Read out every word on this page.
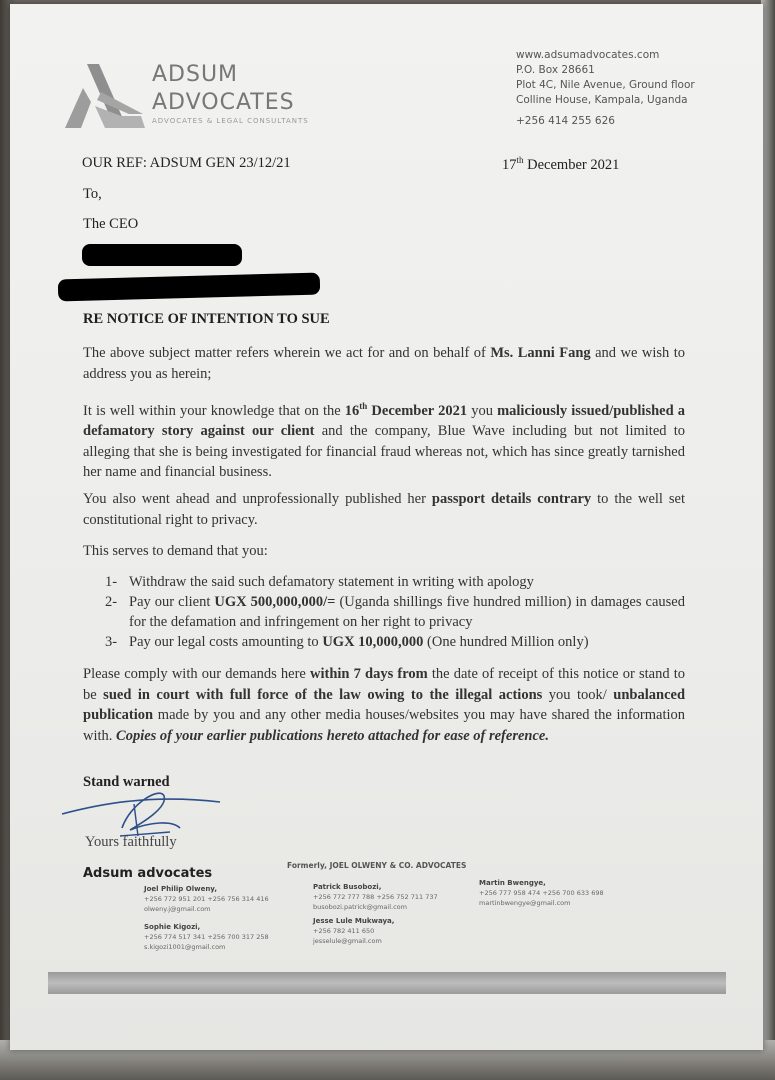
ADSUM
ADVOCATES
ADVOCATES & LEGAL CONSULTANTS
www.adsumadvocates.com
P.O. Box 28661
Plot 4C, Nile Avenue, Ground floor
Colline House, Kampala, Uganda
+256 414 255 626
OUR REF: ADSUM GEN 23/12/21	17th December 2021
To,
The CEO
RE NOTICE OF INTENTION TO SUE
The above subject matter refers wherein we act for and on behalf of Ms. Lanni Fang and we wish to address you as herein;
It is well within your knowledge that on the 16th December 2021 you maliciously issued/published a defamatory story against our client and the company, Blue Wave including but not limited to alleging that she is being investigated for financial fraud whereas not, which has since greatly tarnished her name and financial business.
You also went ahead and unprofessionally published her passport details contrary to the well set constitutional right to privacy.
This serves to demand that you:
1- Withdraw the said such defamatory statement in writing with apology
2- Pay our client UGX 500,000,000/= (Uganda shillings five hundred million) in damages caused for the defamation and infringement on her right to privacy
3- Pay our legal costs amounting to UGX 10,000,000 (One hundred Million only)
Please comply with our demands here within 7 days from the date of receipt of this notice or stand to be sued in court with full force of the law owing to the illegal actions you took/ unbalanced publication made by you and any other media houses/websites you may have shared the information with. Copies of your earlier publications hereto attached for ease of reference.
Stand warned
Yours faithfully
Adsum advocates
Formerly, JOEL OLWENY & CO. ADVOCATES
Joel Philip Olweny,
+256 772 951 201 +256 756 314 416
olweny.j@gmail.com
Sophie Kigozi,
+256 774 517 341 +256 700 317 258
s.kigozi1001@gmail.com
Patrick Busobozi,
+256 772 777 788 +256 752 711 737
busobozi.patrick@gmail.com
Jesse Lule Mukwaya,
+256 782 411 650
jesselule@gmail.com
Martin Bwengye,
+256 777 958 474 +256 700 633 698
martinbwengye@gmail.com
